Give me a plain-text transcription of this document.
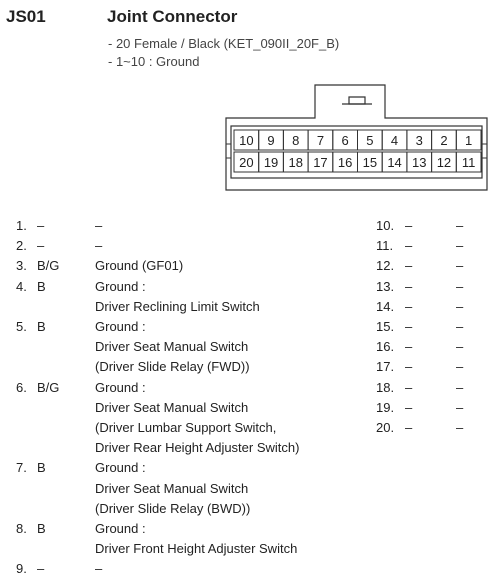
JS01	Joint Connector
- 20 Female / Black (KET_090II_20F_B)
- 1~10 : Ground
10 9 8 7 6 5 4 3 2 1
20 19 18 17 16 15 14 13 12 11
1. –	–
2. –	–
3. B/G	Ground (GF01)
4. B	Ground :
Driver Reclining Limit Switch
5. B	Ground :
Driver Seat Manual Switch
(Driver Slide Relay (FWD))
6. B/G	Ground :
Driver Seat Manual Switch
(Driver Lumbar Support Switch,
Driver Rear Height Adjuster Switch)
7. B	Ground :
Driver Seat Manual Switch
(Driver Slide Relay (BWD))
8. B	Ground :
Driver Front Height Adjuster Switch
9. –	–
10. –	–
11. –	–
12. –	–
13. –	–
14. –	–
15. –	–
16. –	–
17. –	–
18. –	–
19. –	–
20. –	–
